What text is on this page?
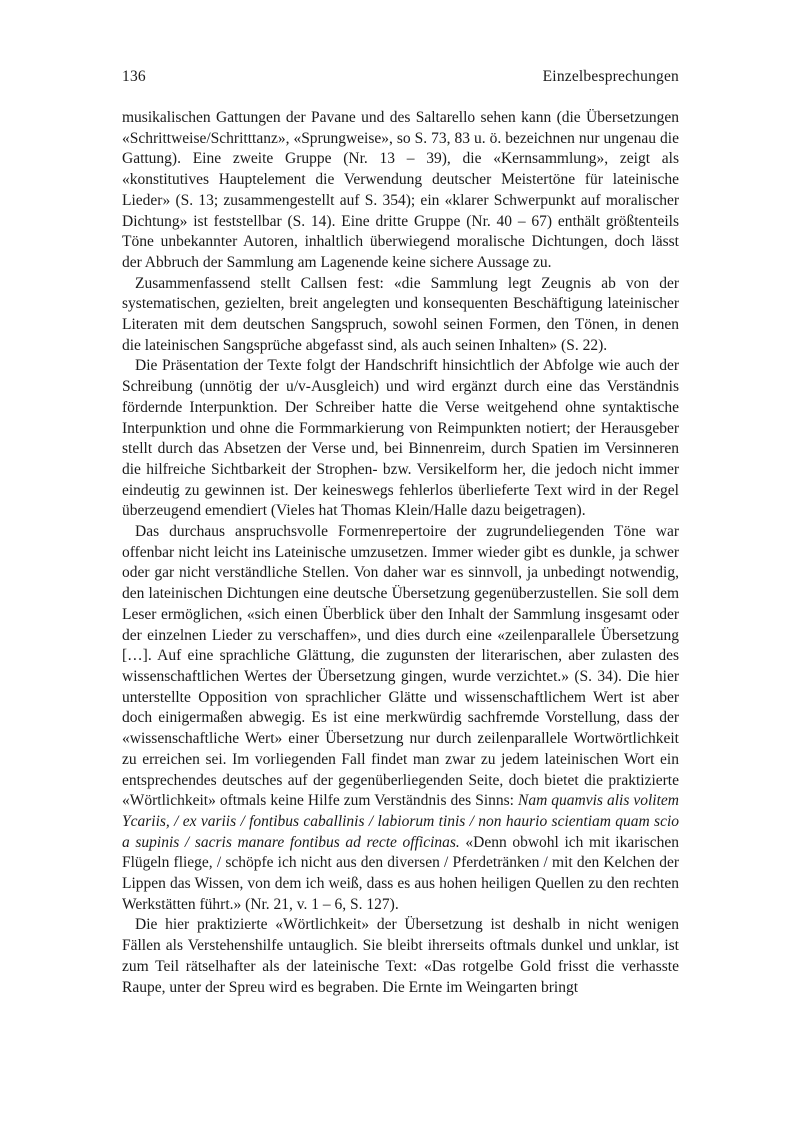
136	Einzelbesprechungen

musikalischen Gattungen der Pavane und des Saltarello sehen kann (die Übersetzungen «Schrittweise/Schritttanz», «Sprungweise», so S. 73, 83 u. ö. bezeichnen nur ungenau die Gattung). Eine zweite Gruppe (Nr. 13 – 39), die «Kernsammlung», zeigt als «konstitutives Hauptelement die Verwendung deutscher Meistertöne für lateinische Lieder» (S. 13; zusammengestellt auf S. 354); ein «klarer Schwerpunkt auf moralischer Dichtung» ist feststellbar (S. 14). Eine dritte Gruppe (Nr. 40 – 67) enthält größtenteils Töne unbekannter Autoren, inhaltlich überwiegend moralische Dichtungen, doch lässt der Abbruch der Sammlung am Lagenende keine sichere Aussage zu.

Zusammenfassend stellt Callsen fest: «die Sammlung legt Zeugnis ab von der systematischen, gezielten, breit angelegten und konsequenten Beschäftigung lateinischer Literaten mit dem deutschen Sangspruch, sowohl seinen Formen, den Tönen, in denen die lateinischen Sangsprüche abgefasst sind, als auch seinen Inhalten» (S. 22).

Die Präsentation der Texte folgt der Handschrift hinsichtlich der Abfolge wie auch der Schreibung (unnötig der u/v-Ausgleich) und wird ergänzt durch eine das Verständnis fördernde Interpunktion. Der Schreiber hatte die Verse weitgehend ohne syntaktische Interpunktion und ohne die Formmarkierung von Reimpunkten notiert; der Herausgeber stellt durch das Absetzen der Verse und, bei Binnenreim, durch Spatien im Versinneren die hilfreiche Sichtbarkeit der Strophen- bzw. Versikelform her, die jedoch nicht immer eindeutig zu gewinnen ist. Der keineswegs fehlerlos überlieferte Text wird in der Regel überzeugend emendiert (Vieles hat Thomas Klein/Halle dazu beigetragen).

Das durchaus anspruchsvolle Formenrepertoire der zugrundeliegenden Töne war offenbar nicht leicht ins Lateinische umzusetzen. Immer wieder gibt es dunkle, ja schwer oder gar nicht verständliche Stellen. Von daher war es sinnvoll, ja unbedingt notwendig, den lateinischen Dichtungen eine deutsche Übersetzung gegenüberzustellen. Sie soll dem Leser ermöglichen, «sich einen Überblick über den Inhalt der Sammlung insgesamt oder der einzelnen Lieder zu verschaffen», und dies durch eine «zeilenparallele Übersetzung […]. Auf eine sprachliche Glättung, die zugunsten der literarischen, aber zulasten des wissenschaftlichen Wertes der Übersetzung gingen, wurde verzichtet.» (S. 34). Die hier unterstellte Opposition von sprachlicher Glätte und wissenschaftlichem Wert ist aber doch einigermaßen abwegig. Es ist eine merkwürdig sachfremde Vorstellung, dass der «wissenschaftliche Wert» einer Übersetzung nur durch zeilenparallele Wortwörtlichkeit zu erreichen sei. Im vorliegenden Fall findet man zwar zu jedem lateinischen Wort ein entsprechendes deutsches auf der gegenüberliegenden Seite, doch bietet die praktizierte «Wörtlichkeit» oftmals keine Hilfe zum Verständnis des Sinns: Nam quamvis alis volitem Ycariis, / ex variis / fontibus caballinis / labiorum tinis / non haurio scientiam quam scio a supinis / sacris manare fontibus ad recte officinas. «Denn obwohl ich mit ikarischen Flügeln fliege, / schöpfe ich nicht aus den diversen / Pferdetränken / mit den Kelchen der Lippen das Wissen, von dem ich weiß, dass es aus hohen heiligen Quellen zu den rechten Werkstätten führt.» (Nr. 21, v. 1 – 6, S. 127).

Die hier praktizierte «Wörtlichkeit» der Übersetzung ist deshalb in nicht wenigen Fällen als Verstehenshilfe untauglich. Sie bleibt ihrerseits oftmals dunkel und unklar, ist zum Teil rätselhafter als der lateinische Text: «Das rotgelbe Gold frisst die verhasste Raupe, unter der Spreu wird es begraben. Die Ernte im Weingarten bringt
